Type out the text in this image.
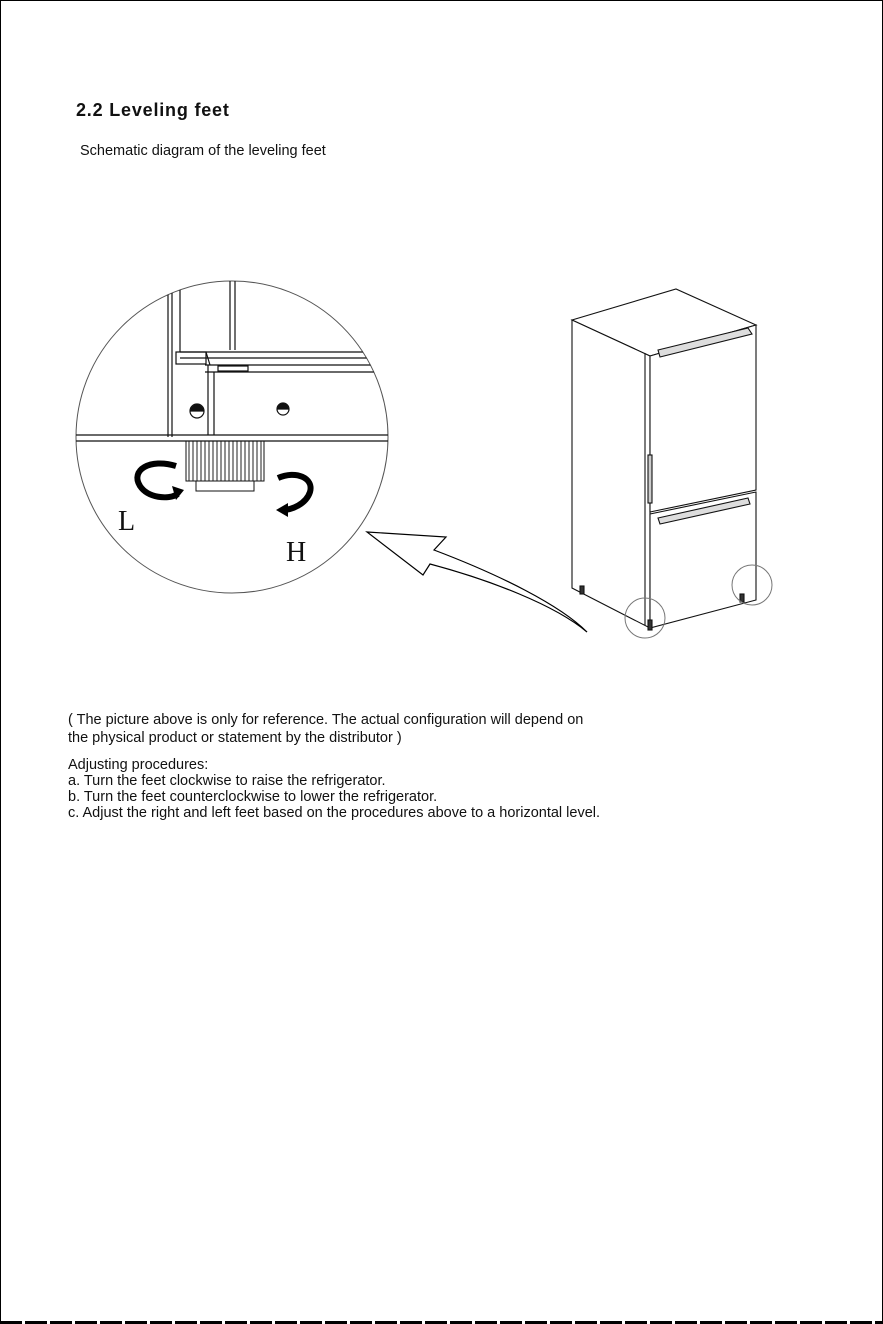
2.2 Leveling feet

Schematic diagram of the leveling feet

L
H

( The picture above is only for reference. The actual configuration will depend on

the physical product or statement by the distributor )

Adjusting procedures:

a. Turn the feet clockwise to raise the refrigerator.

b. Turn the feet counterclockwise to lower the refrigerator.

c. Adjust the right and left feet based on the procedures above to a horizontal level.
